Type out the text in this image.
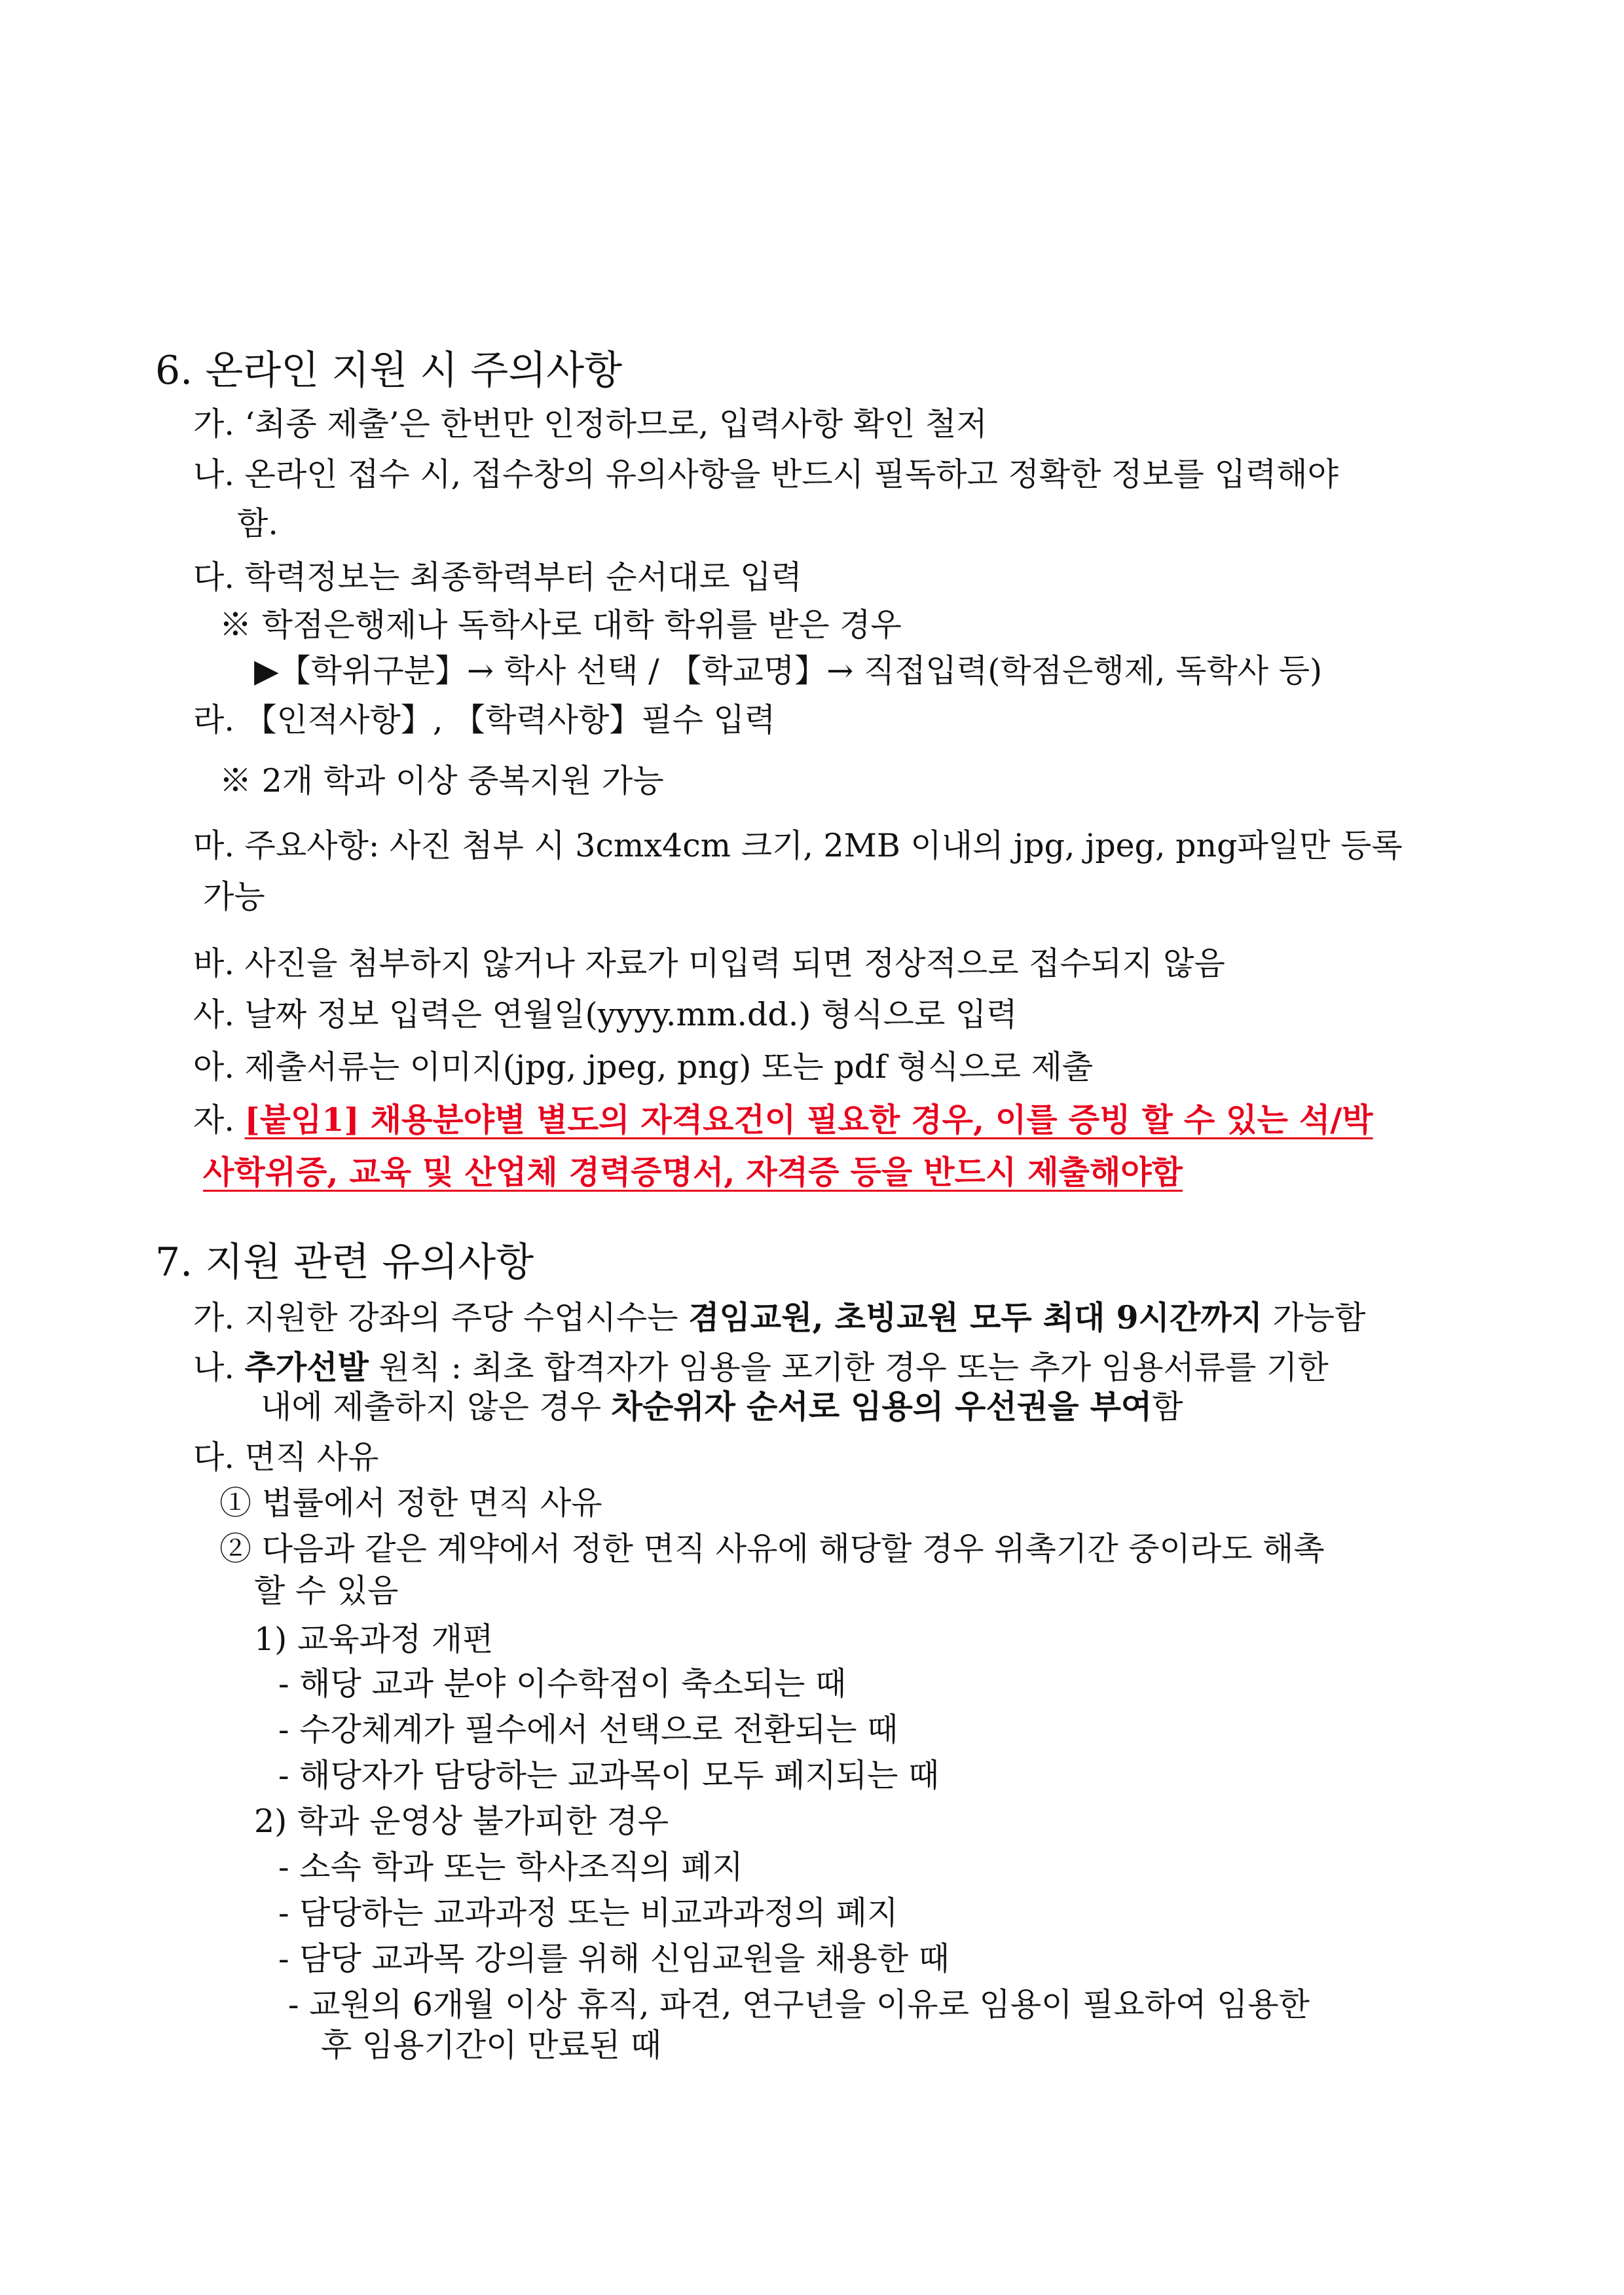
6. 온라인 지원 시 주의사항
가. ‘최종 제출’은 한번만 인정하므로, 입력사항 확인 철저
나. 온라인 접수 시, 접수창의 유의사항을 반드시 필독하고 정확한 정보를 입력해야
함.
다. 학력정보는 최종학력부터 순서대로 입력
※ 학점은행제나 독학사로 대학 학위를 받은 경우
▶【학위구분】→ 학사 선택 / 【학교명】→ 직접입력(학점은행제, 독학사 등)
라. 【인적사항】, 【학력사항】필수 입력
※ 2개 학과 이상 중복지원 가능
마. 주요사항: 사진 첨부 시 3cmx4cm 크기, 2MB 이내의 jpg, jpeg, png파일만 등록
가능
바. 사진을 첨부하지 않거나 자료가 미입력 되면 정상적으로 접수되지 않음
사. 날짜 정보 입력은 연월일(yyyy.mm.dd.) 형식으로 입력
아. 제출서류는 이미지(jpg, jpeg, png) 또는 pdf 형식으로 제출
자. [붙임1] 채용분야별 별도의 자격요건이 필요한 경우, 이를 증빙 할 수 있는 석/박
사학위증, 교육 및 산업체 경력증명서, 자격증 등을 반드시 제출해야함
7. 지원 관련 유의사항
가. 지원한 강좌의 주당 수업시수는 겸임교원, 초빙교원 모두 최대 9시간까지 가능함
나. 추가선발 원칙 : 최초 합격자가 임용을 포기한 경우 또는 추가 임용서류를 기한
내에 제출하지 않은 경우 차순위자 순서로 임용의 우선권을 부여함
다. 면직 사유
① 법률에서 정한 면직 사유
② 다음과 같은 계약에서 정한 면직 사유에 해당할 경우 위촉기간 중이라도 해촉
할 수 있음
1) 교육과정 개편
- 해당 교과 분야 이수학점이 축소되는 때
- 수강체계가 필수에서 선택으로 전환되는 때
- 해당자가 담당하는 교과목이 모두 폐지되는 때
2) 학과 운영상 불가피한 경우
- 소속 학과 또는 학사조직의 폐지
- 담당하는 교과과정 또는 비교과과정의 폐지
- 담당 교과목 강의를 위해 신임교원을 채용한 때
- 교원의 6개월 이상 휴직, 파견, 연구년을 이유로 임용이 필요하여 임용한
후 임용기간이 만료된 때
